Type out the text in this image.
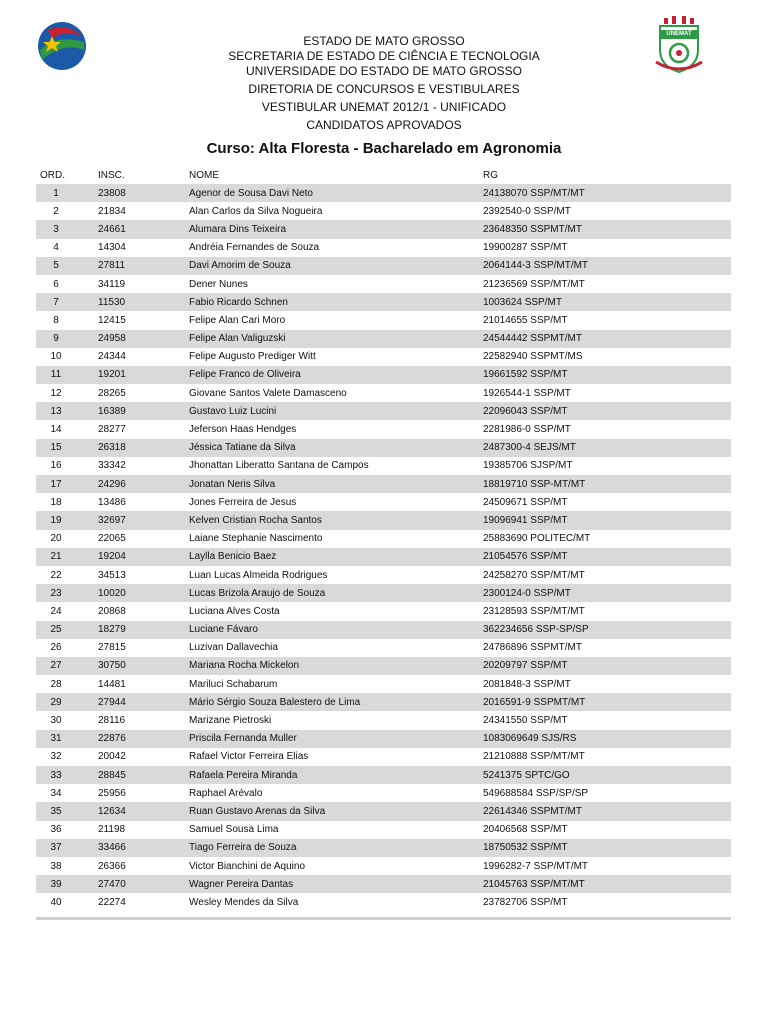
UNEMAT
ESTADO DE MATO GROSSO
SECRETARIA DE ESTADO DE CIÊNCIA E TECNOLOGIA
UNIVERSIDADE DO ESTADO DE MATO GROSSO
DIRETORIA DE CONCURSOS E VESTIBULARES
VESTIBULAR UNEMAT 2012/1 - UNIFICADO
CANDIDATOS APROVADOS
Curso: Alta Floresta - Bacharelado em Agronomia
ORD.	INSC.	NOME	RG
1	23808	Agenor de Sousa Davi Neto	24138070 SSP/MT/MT
2	21834	Alan Carlos da Silva Nogueira	2392540-0 SSP/MT
3	24661	Alumara Dins Teixeira	23648350 SSPMT/MT
4	14304	Andréia Fernandes de Souza	19900287 SSP/MT
5	27811	Davi Amorim de Souza	2064144-3 SSP/MT/MT
6	34119	Dener Nunes	21236569 SSP/MT/MT
7	11530	Fabio Ricardo Schnen	1003624 SSP/MT
8	12415	Felipe Alan Cari Moro	21014655 SSP/MT
9	24958	Felipe Alan Valiguzski	24544442 SSPMT/MT
10	24344	Felipe Augusto Prediger Witt	22582940 SSPMT/MS
11	19201	Felipe Franco de Oliveira	19661592 SSP/MT
12	28265	Giovane Santos Valete Damasceno	1926544-1 SSP/MT
13	16389	Gustavo Luiz Lucini	22096043 SSP/MT
14	28277	Jeferson Haas Hendges	2281986-0 SSP/MT
15	26318	Jéssica Tatiane da Silva	2487300-4 SEJS/MT
16	33342	Jhonattan Liberatto Santana de Campos	19385706 SJSP/MT
17	24296	Jonatan Neris Silva	18819710 SSP-MT/MT
18	13486	Jones Ferreira de Jesus	24509671 SSP/MT
19	32697	Kelven Cristian Rocha Santos	19096941 SSP/MT
20	22065	Laiane Stephanie Nascimento	25883690 POLITEC/MT
21	19204	Laylla Benicio Baez	21054576 SSP/MT
22	34513	Luan Lucas Almeida Rodrigues	24258270 SSP/MT/MT
23	10020	Lucas Brizola Araujo de Souza	2300124-0 SSP/MT
24	20868	Luciana Alves Costa	23128593 SSP/MT/MT
25	18279	Luciane Fávaro	362234656 SSP-SP/SP
26	27815	Luzivan Dallavechia	24786896 SSPMT/MT
27	30750	Mariana Rocha Mickelon	20209797 SSP/MT
28	14481	Mariluci Schabarum	2081848-3 SSP/MT
29	27944	Mário Sérgio Souza Balestero de Lima	2016591-9 SSPMT/MT
30	28116	Marizane Pietroski	24341550 SSP/MT
31	22876	Priscila Fernanda Muller	1083069649 SJS/RS
32	20042	Rafael Victor Ferreira Elias	21210888 SSP/MT/MT
33	28845	Rafaela Pereira Miranda	5241375 SPTC/GO
34	25956	Raphael Arévalo	549688584 SSP/SP/SP
35	12634	Ruan Gustavo Arenas da Silva	22614346 SSPMT/MT
36	21198	Samuel Sousa Lima	20406568 SSP/MT
37	33466	Tiago Ferreira de Souza	18750532 SSP/MT
38	26366	Victor Bianchini de Aquino	1996282-7 SSP/MT/MT
39	27470	Wagner Pereira Dantas	21045763 SSP/MT/MT
40	22274	Wesley Mendes da Silva	23782706 SSP/MT
